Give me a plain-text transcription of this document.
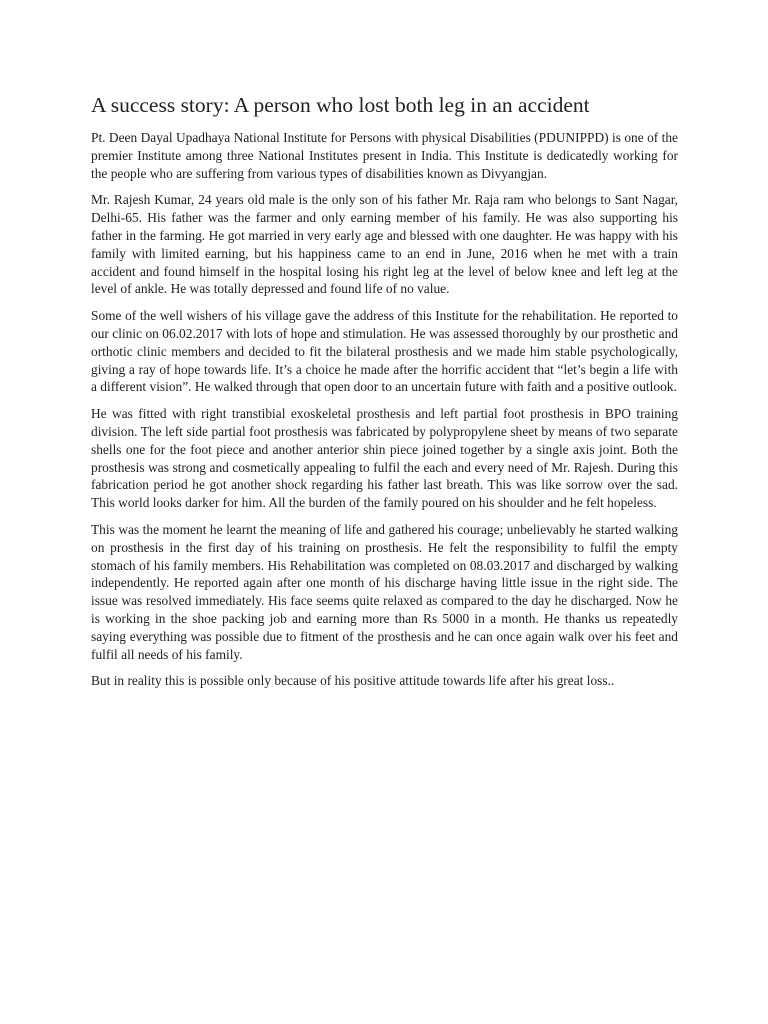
A success story: A person who lost both leg in an accident

Pt. Deen Dayal Upadhaya National Institute for Persons with physical Disabilities (PDUNIPPD) is one of the premier Institute among three National Institutes present in India. This Institute is dedicatedly working for the people who are suffering from various types of disabilities known as Divyangjan.

Mr. Rajesh Kumar, 24 years old male is the only son of his father Mr. Raja ram who belongs to Sant Nagar, Delhi-65. His father was the farmer and only earning member of his family. He was also supporting his father in the farming. He got married in very early age and blessed with one daughter. He was happy with his family with limited earning, but his happiness came to an end in June, 2016 when he met with a train accident and found himself in the hospital losing his right leg at the level of below knee and left leg at the level of ankle. He was totally depressed and found life of no value.

Some of the well wishers of his village gave the address of this Institute for the rehabilitation. He reported to our clinic on 06.02.2017 with lots of hope and stimulation. He was assessed thoroughly by our prosthetic and orthotic clinic members and decided to fit the bilateral prosthesis and we made him stable psychologically, giving a ray of hope towards life. It’s a choice he made after the horrific accident that “let’s begin a life with a different vision”. He walked through that open door to an uncertain future with faith and a positive outlook.

He was fitted with right transtibial exoskeletal prosthesis and left partial foot prosthesis in BPO training division. The left side partial foot prosthesis was fabricated by polypropylene sheet by means of two separate shells one for the foot piece and another anterior shin piece joined together by a single axis joint. Both the prosthesis was strong and cosmetically appealing to fulfil the each and every need of Mr. Rajesh. During this fabrication period he got another shock regarding his father last breath. This was like sorrow over the sad. This world looks darker for him. All the burden of the family poured on his shoulder and he felt hopeless.

This was the moment he learnt the meaning of life and gathered his courage; unbelievably he started walking on prosthesis in the first day of his training on prosthesis. He felt the responsibility to fulfil the empty stomach of his family members. His Rehabilitation was completed on 08.03.2017 and discharged by walking independently. He reported again after one month of his discharge having little issue in the right side. The issue was resolved immediately. His face seems quite relaxed as compared to the day he discharged. Now he is working in the shoe packing job and earning more than Rs 5000 in a month. He thanks us repeatedly saying everything was possible due to fitment of the prosthesis and he can once again walk over his feet and fulfil all needs of his family.

But in reality this is possible only because of his positive attitude towards life after his great loss..
